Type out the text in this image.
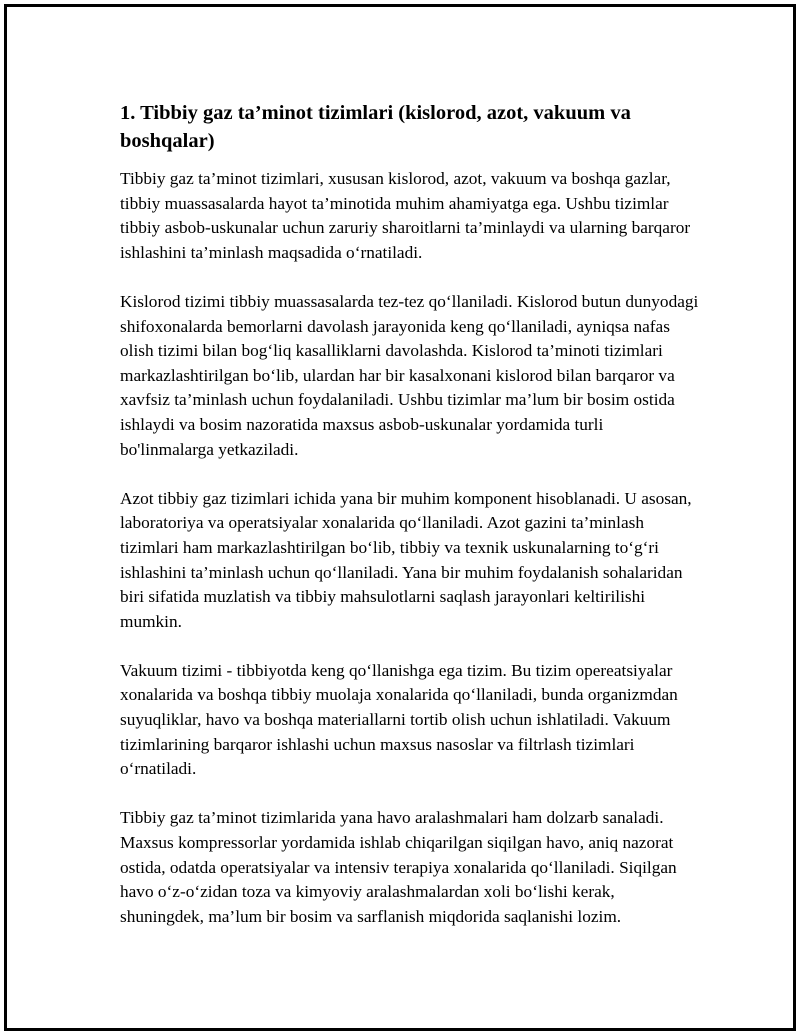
1. Tibbiy gaz ta’minot tizimlari (kislorod, azot, vakuum va boshqalar)

Tibbiy gaz ta’minot tizimlari, xususan kislorod, azot, vakuum va boshqa gazlar, tibbiy muassasalarda hayot ta’minotida muhim ahamiyatga ega. Ushbu tizimlar tibbiy asbob-uskunalar uchun zaruriy sharoitlarni ta’minlaydi va ularning barqaror ishlashini ta’minlash maqsadida o‘rnatiladi.

Kislorod tizimi tibbiy muassasalarda tez-tez qo‘llaniladi. Kislorod butun dunyodagi shifoxonalarda bemorlarni davolash jarayonida keng qo‘llaniladi, ayniqsa nafas olish tizimi bilan bog‘liq kasalliklarni davolashda. Kislorod ta’minoti tizimlari markazlashtirilgan bo‘lib, ulardan har bir kasalxonani kislorod bilan barqaror va xavfsiz ta’minlash uchun foydalaniladi. Ushbu tizimlar ma’lum bir bosim ostida ishlaydi va bosim nazoratida maxsus asbob-uskunalar yordamida turli bo'linmalarga yetkaziladi.

Azot tibbiy gaz tizimlari ichida yana bir muhim komponent hisoblanadi. U asosan, laboratoriya va operatsiyalar xonalarida qo‘llaniladi. Azot gazini ta’minlash tizimlari ham markazlashtirilgan bo‘lib, tibbiy va texnik uskunalarning to‘g‘ri ishlashini ta’minlash uchun qo‘llaniladi. Yana bir muhim foydalanish sohalaridan biri sifatida muzlatish va tibbiy mahsulotlarni saqlash jarayonlari keltirilishi mumkin.

Vakuum tizimi - tibbiyotda keng qo‘llanishga ega tizim. Bu tizim opereatsiyalar xonalarida va boshqa tibbiy muolaja xonalarida qo‘llaniladi, bunda organizmdan suyuqliklar, havo va boshqa materiallarni tortib olish uchun ishlatiladi. Vakuum tizimlarining barqaror ishlashi uchun maxsus nasoslar va filtrlash tizimlari o‘rnatiladi.

Tibbiy gaz ta’minot tizimlarida yana havo aralashmalari ham dolzarb sanaladi. Maxsus kompressorlar yordamida ishlab chiqarilgan siqilgan havo, aniq nazorat ostida, odatda operatsiyalar va intensiv terapiya xonalarida qo‘llaniladi. Siqilgan havo o‘z-o‘zidan toza va kimyoviy aralashmalardan xoli bo‘lishi kerak, shuningdek, ma’lum bir bosim va sarflanish miqdorida saqlanishi lozim.
